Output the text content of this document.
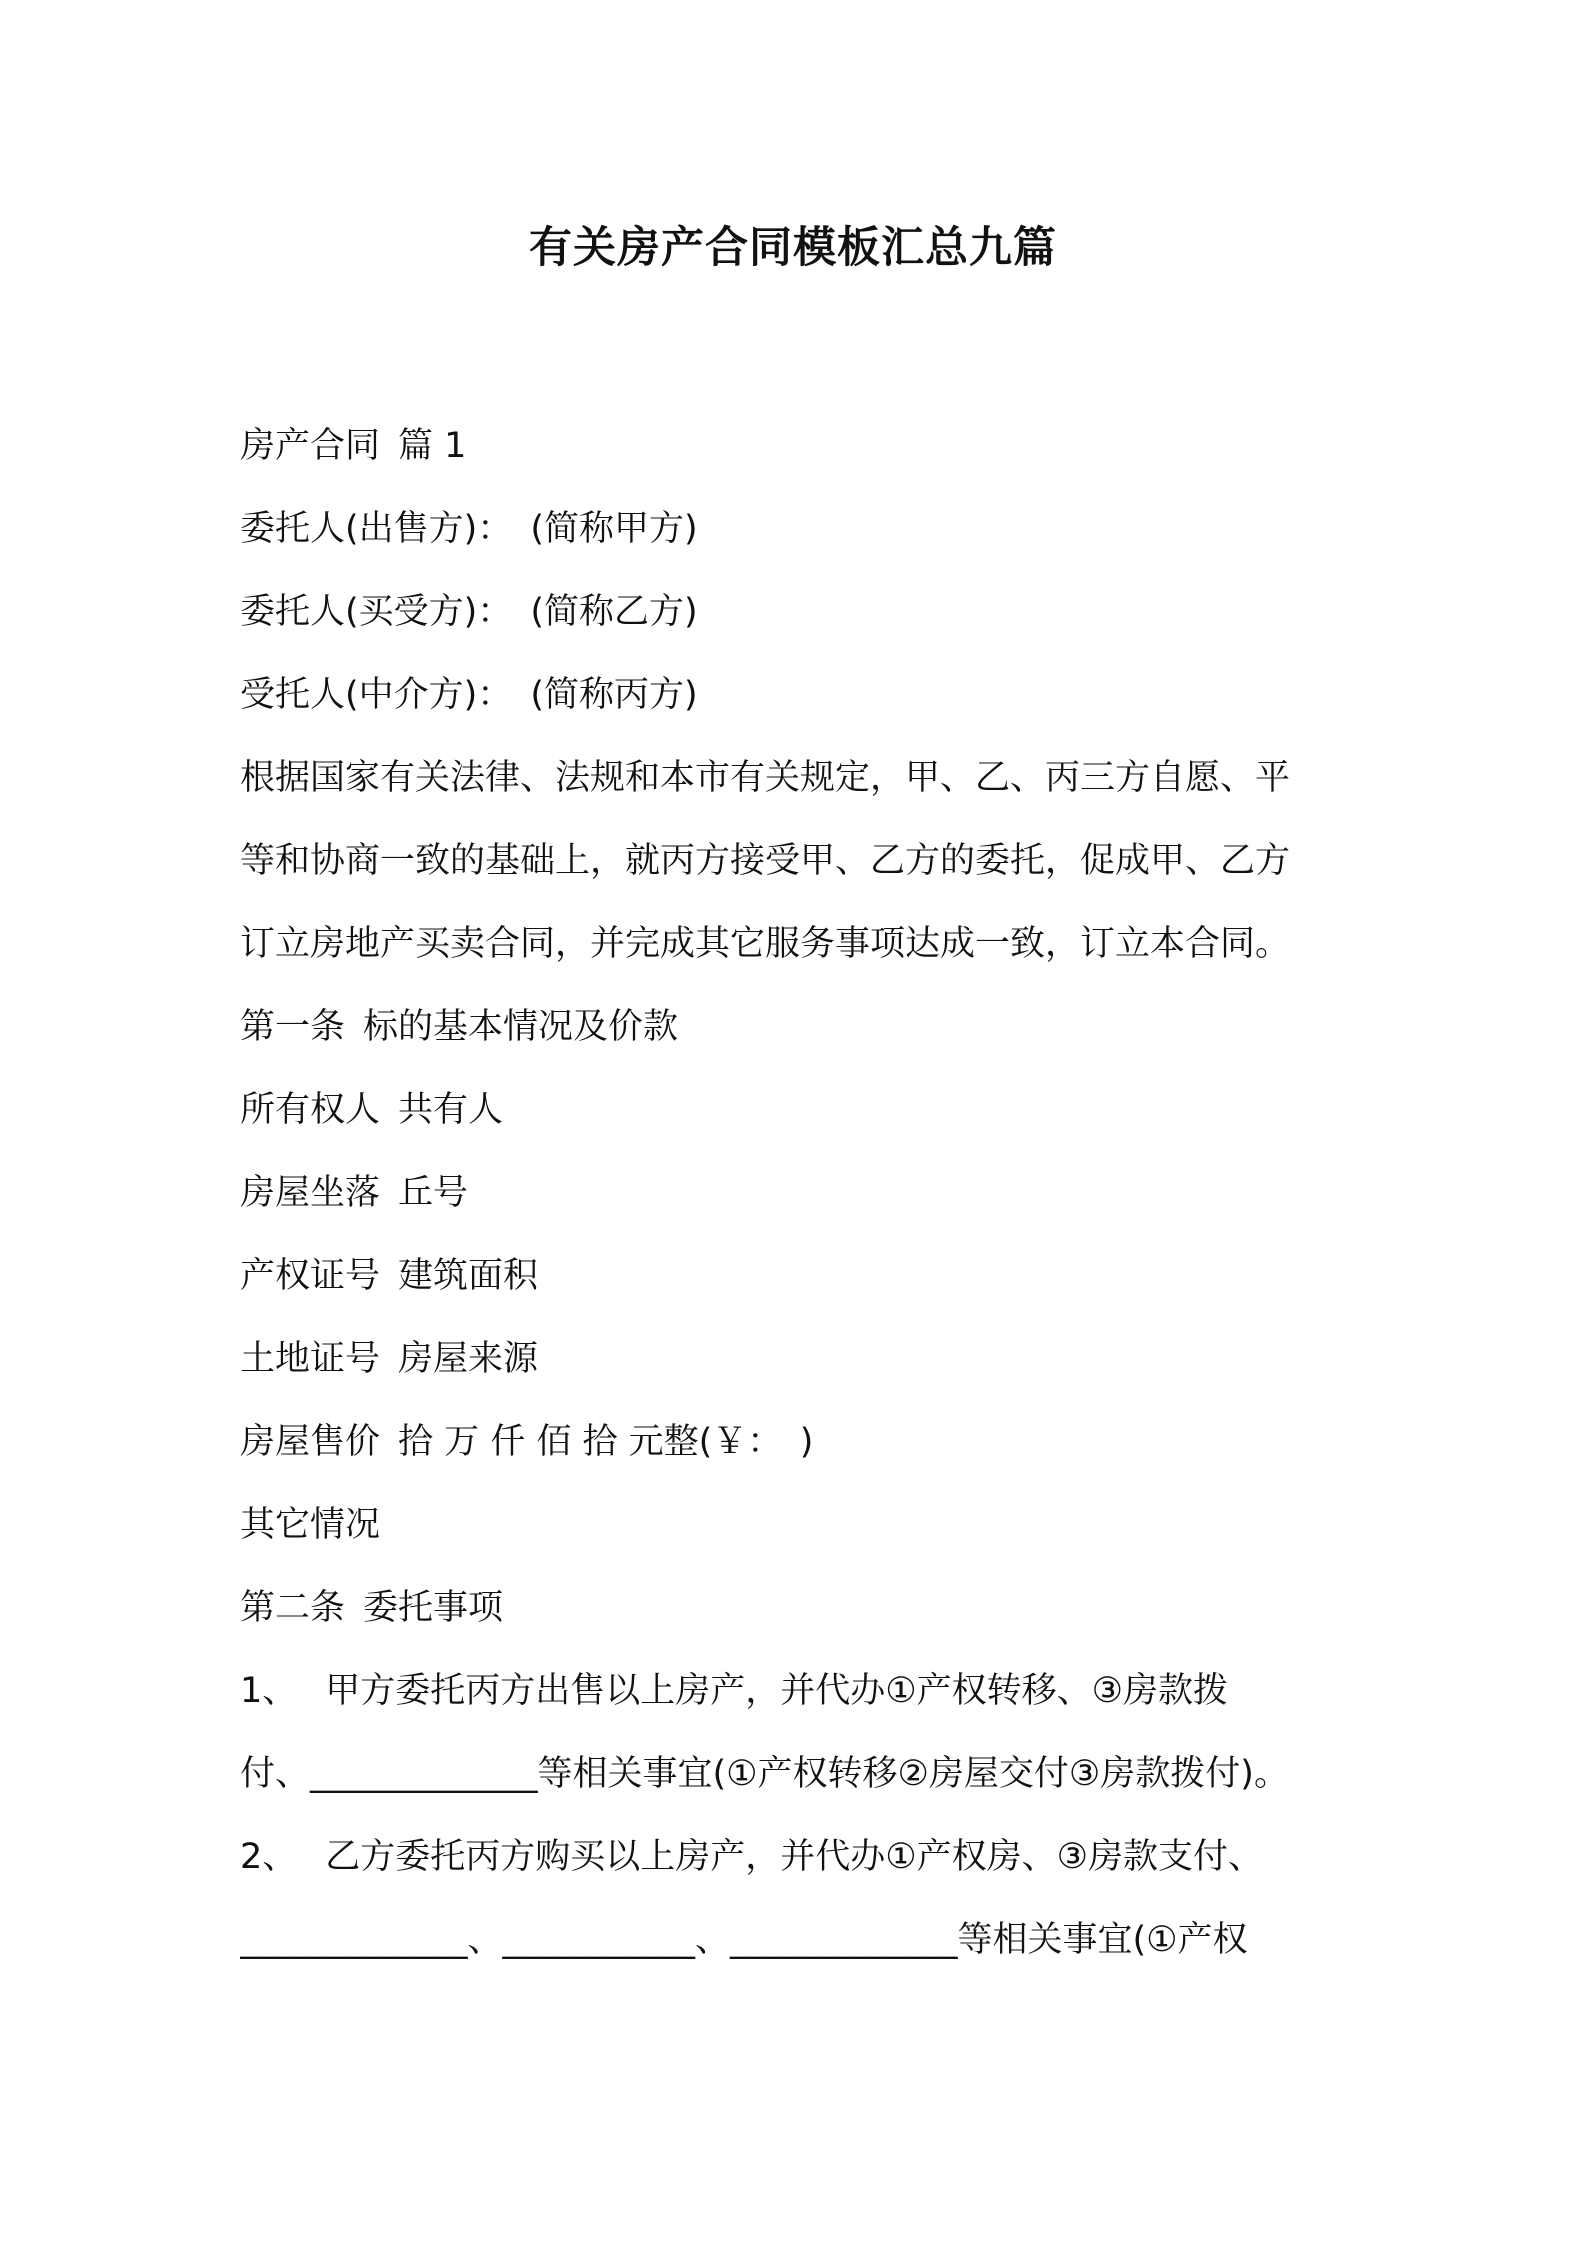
有关房产合同模板汇总九篇
房产合同 篇 1
委托人(出售方)： (简称甲方)
委托人(买受方)： (简称乙方)
受托人(中介方)： (简称丙方)
根据国家有关法律、法规和本市有关规定，甲、乙、丙三方自愿、平
等和协商一致的基础上，就丙方接受甲、乙方的委托，促成甲、乙方
订立房地产买卖合同，并完成其它服务事项达成一致，订立本合同。
第一条 标的基本情况及价款
所有权人 共有人
房屋坐落 丘号
产权证号 建筑面积
土地证号 房屋来源
房屋售价 拾 万 仟 佰 拾 元整(￥：　)
其它情况
第二条 委托事项
1、 甲方委托丙方出售以上房产，并代办①产权转移、③房款拨
付、_____________等相关事宜(①产权转移②房屋交付③房款拨付)。
2、 乙方委托丙方购买以上房产，并代办①产权房、③房款支付、
_____________、___________、_____________等相关事宜(①产权
